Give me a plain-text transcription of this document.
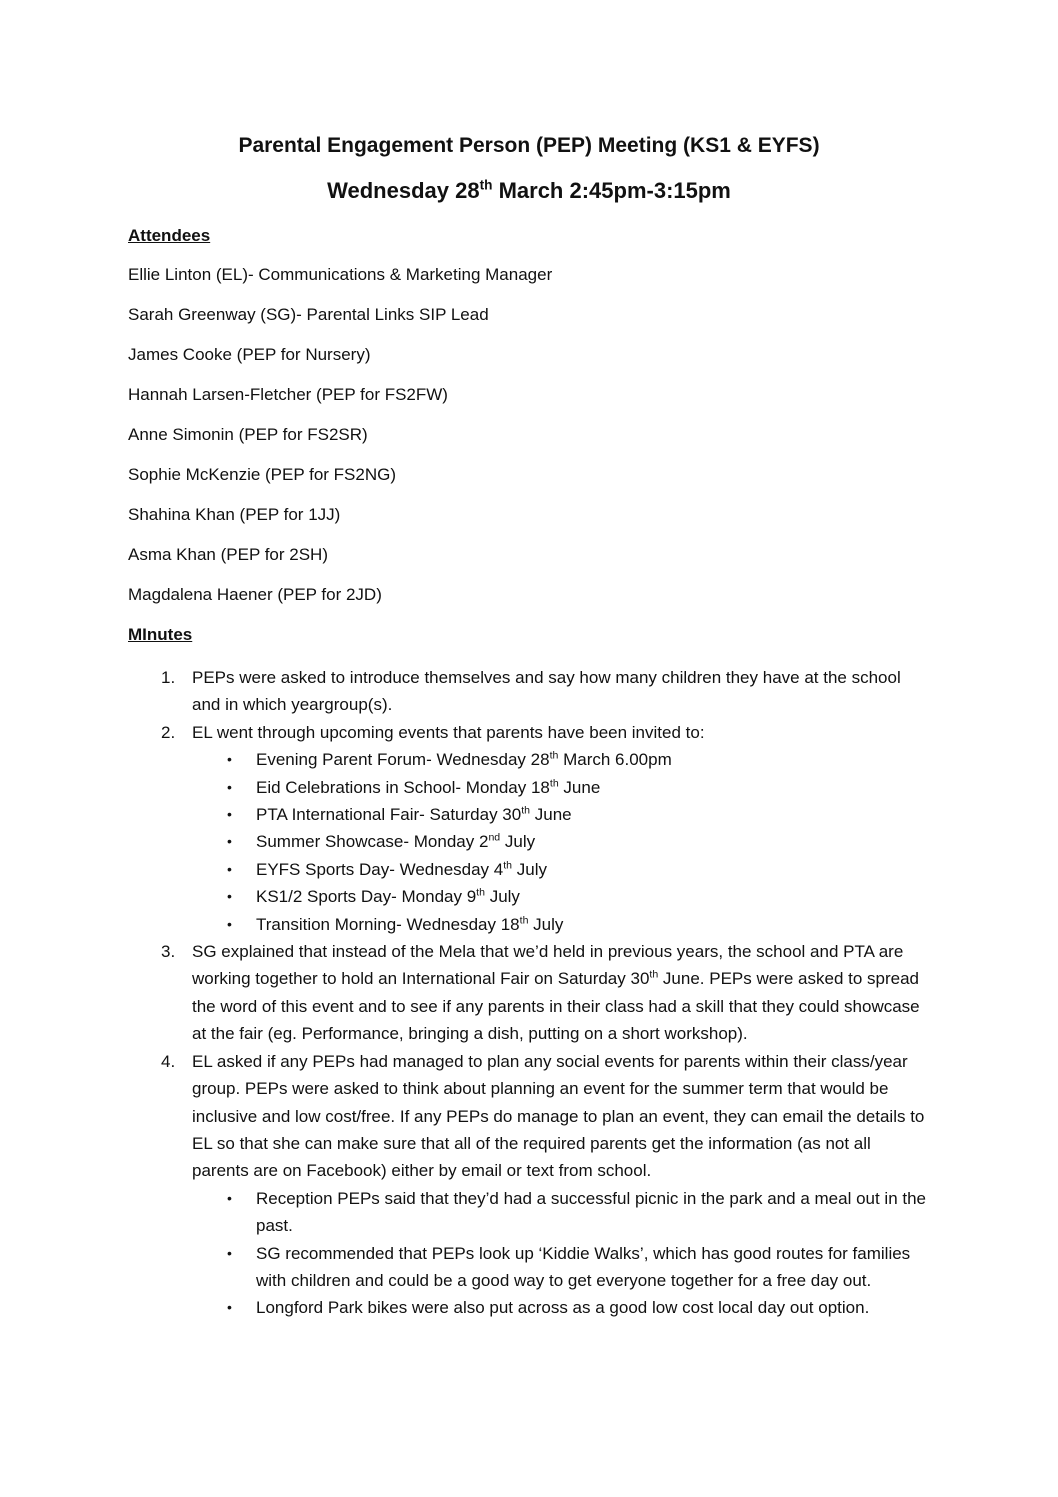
Parental Engagement Person (PEP) Meeting (KS1 & EYFS)
Wednesday 28th March 2:45pm-3:15pm
Attendees
Ellie Linton (EL)- Communications & Marketing Manager
Sarah Greenway (SG)- Parental Links SIP Lead
James Cooke (PEP for Nursery)
Hannah Larsen-Fletcher (PEP for FS2FW)
Anne Simonin (PEP for FS2SR)
Sophie McKenzie (PEP for FS2NG)
Shahina Khan (PEP for 1JJ)
Asma Khan (PEP for 2SH)
Magdalena Haener (PEP for 2JD)
MInutes
1. PEPs were asked to introduce themselves and say how many children they have at the school and in which yeargroup(s).
2. EL went through upcoming events that parents have been invited to:
• Evening Parent Forum- Wednesday 28th March 6.00pm
• Eid Celebrations in School- Monday 18th June
• PTA International Fair- Saturday 30th June
• Summer Showcase- Monday 2nd July
• EYFS Sports Day- Wednesday 4th July
• KS1/2 Sports Day- Monday 9th July
• Transition Morning- Wednesday 18th July
3. SG explained that instead of the Mela that we’d held in previous years, the school and PTA are working together to hold an International Fair on Saturday 30th June. PEPs were asked to spread the word of this event and to see if any parents in their class had a skill that they could showcase at the fair (eg. Performance, bringing a dish, putting on a short workshop).
4. EL asked if any PEPs had managed to plan any social events for parents within their class/year group. PEPs were asked to think about planning an event for the summer term that would be inclusive and low cost/free. If any PEPs do manage to plan an event, they can email the details to EL so that she can make sure that all of the required parents get the information (as not all parents are on Facebook) either by email or text from school.
• Reception PEPs said that they’d had a successful picnic in the park and a meal out in the past.
• SG recommended that PEPs look up ‘Kiddie Walks’, which has good routes for families with children and could be a good way to get everyone together for a free day out.
• Longford Park bikes were also put across as a good low cost local day out option.
